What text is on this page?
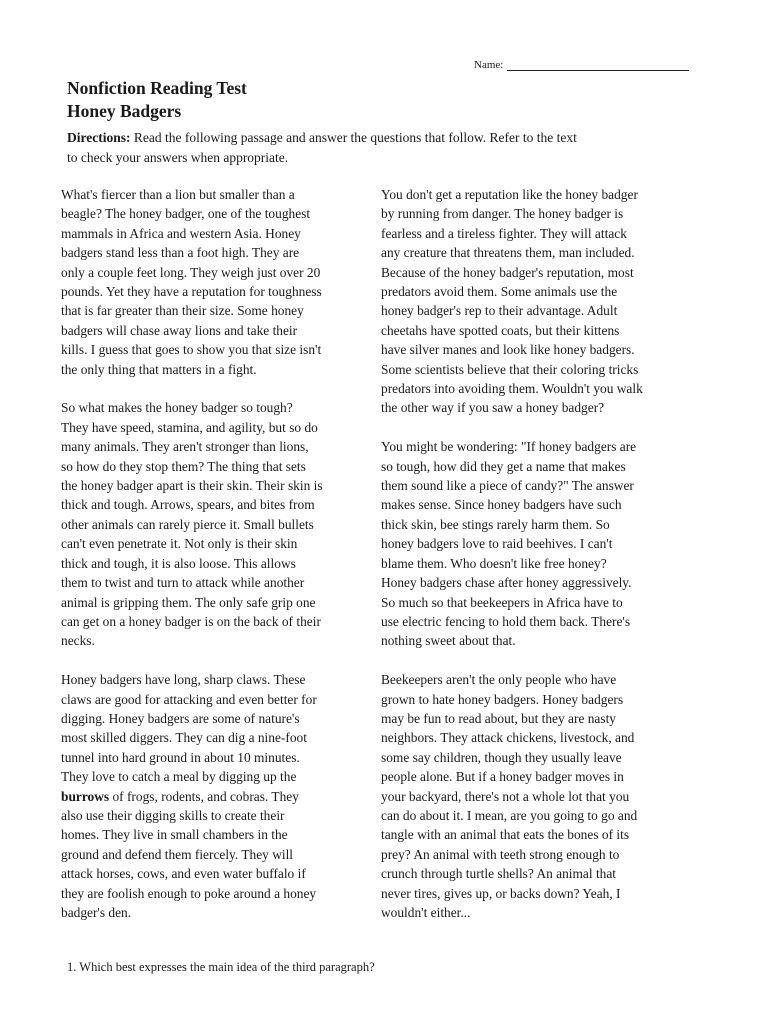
Name:
Nonfiction Reading Test
Honey Badgers
Directions: Read the following passage and answer the questions that follow. Refer to the text
to check your answers when appropriate.
What's fiercer than a lion but smaller than a
beagle? The honey badger, one of the toughest
mammals in Africa and western Asia. Honey
badgers stand less than a foot high. They are
only a couple feet long. They weigh just over 20
pounds. Yet they have a reputation for toughness
that is far greater than their size. Some honey
badgers will chase away lions and take their
kills. I guess that goes to show you that size isn't
the only thing that matters in a fight.
So what makes the honey badger so tough?
They have speed, stamina, and agility, but so do
many animals. They aren't stronger than lions,
so how do they stop them? The thing that sets
the honey badger apart is their skin. Their skin is
thick and tough. Arrows, spears, and bites from
other animals can rarely pierce it. Small bullets
can't even penetrate it. Not only is their skin
thick and tough, it is also loose. This allows
them to twist and turn to attack while another
animal is gripping them. The only safe grip one
can get on a honey badger is on the back of their
necks.
Honey badgers have long, sharp claws. These
claws are good for attacking and even better for
digging. Honey badgers are some of nature's
most skilled diggers. They can dig a nine-foot
tunnel into hard ground in about 10 minutes.
They love to catch a meal by digging up the
burrows of frogs, rodents, and cobras. They
also use their digging skills to create their
homes. They live in small chambers in the
ground and defend them fiercely. They will
attack horses, cows, and even water buffalo if
they are foolish enough to poke around a honey
badger's den.
You don't get a reputation like the honey badger
by running from danger. The honey badger is
fearless and a tireless fighter. They will attack
any creature that threatens them, man included.
Because of the honey badger's reputation, most
predators avoid them. Some animals use the
honey badger's rep to their advantage. Adult
cheetahs have spotted coats, but their kittens
have silver manes and look like honey badgers.
Some scientists believe that their coloring tricks
predators into avoiding them. Wouldn't you walk
the other way if you saw a honey badger?
You might be wondering: "If honey badgers are
so tough, how did they get a name that makes
them sound like a piece of candy?" The answer
makes sense. Since honey badgers have such
thick skin, bee stings rarely harm them. So
honey badgers love to raid beehives. I can't
blame them. Who doesn't like free honey?
Honey badgers chase after honey aggressively.
So much so that beekeepers in Africa have to
use electric fencing to hold them back. There's
nothing sweet about that.
Beekeepers aren't the only people who have
grown to hate honey badgers. Honey badgers
may be fun to read about, but they are nasty
neighbors. They attack chickens, livestock, and
some say children, though they usually leave
people alone. But if a honey badger moves in
your backyard, there's not a whole lot that you
can do about it. I mean, are you going to go and
tangle with an animal that eats the bones of its
prey? An animal with teeth strong enough to
crunch through turtle shells? An animal that
never tires, gives up, or backs down? Yeah, I
wouldn't either...
1. Which best expresses the main idea of the third paragraph?
